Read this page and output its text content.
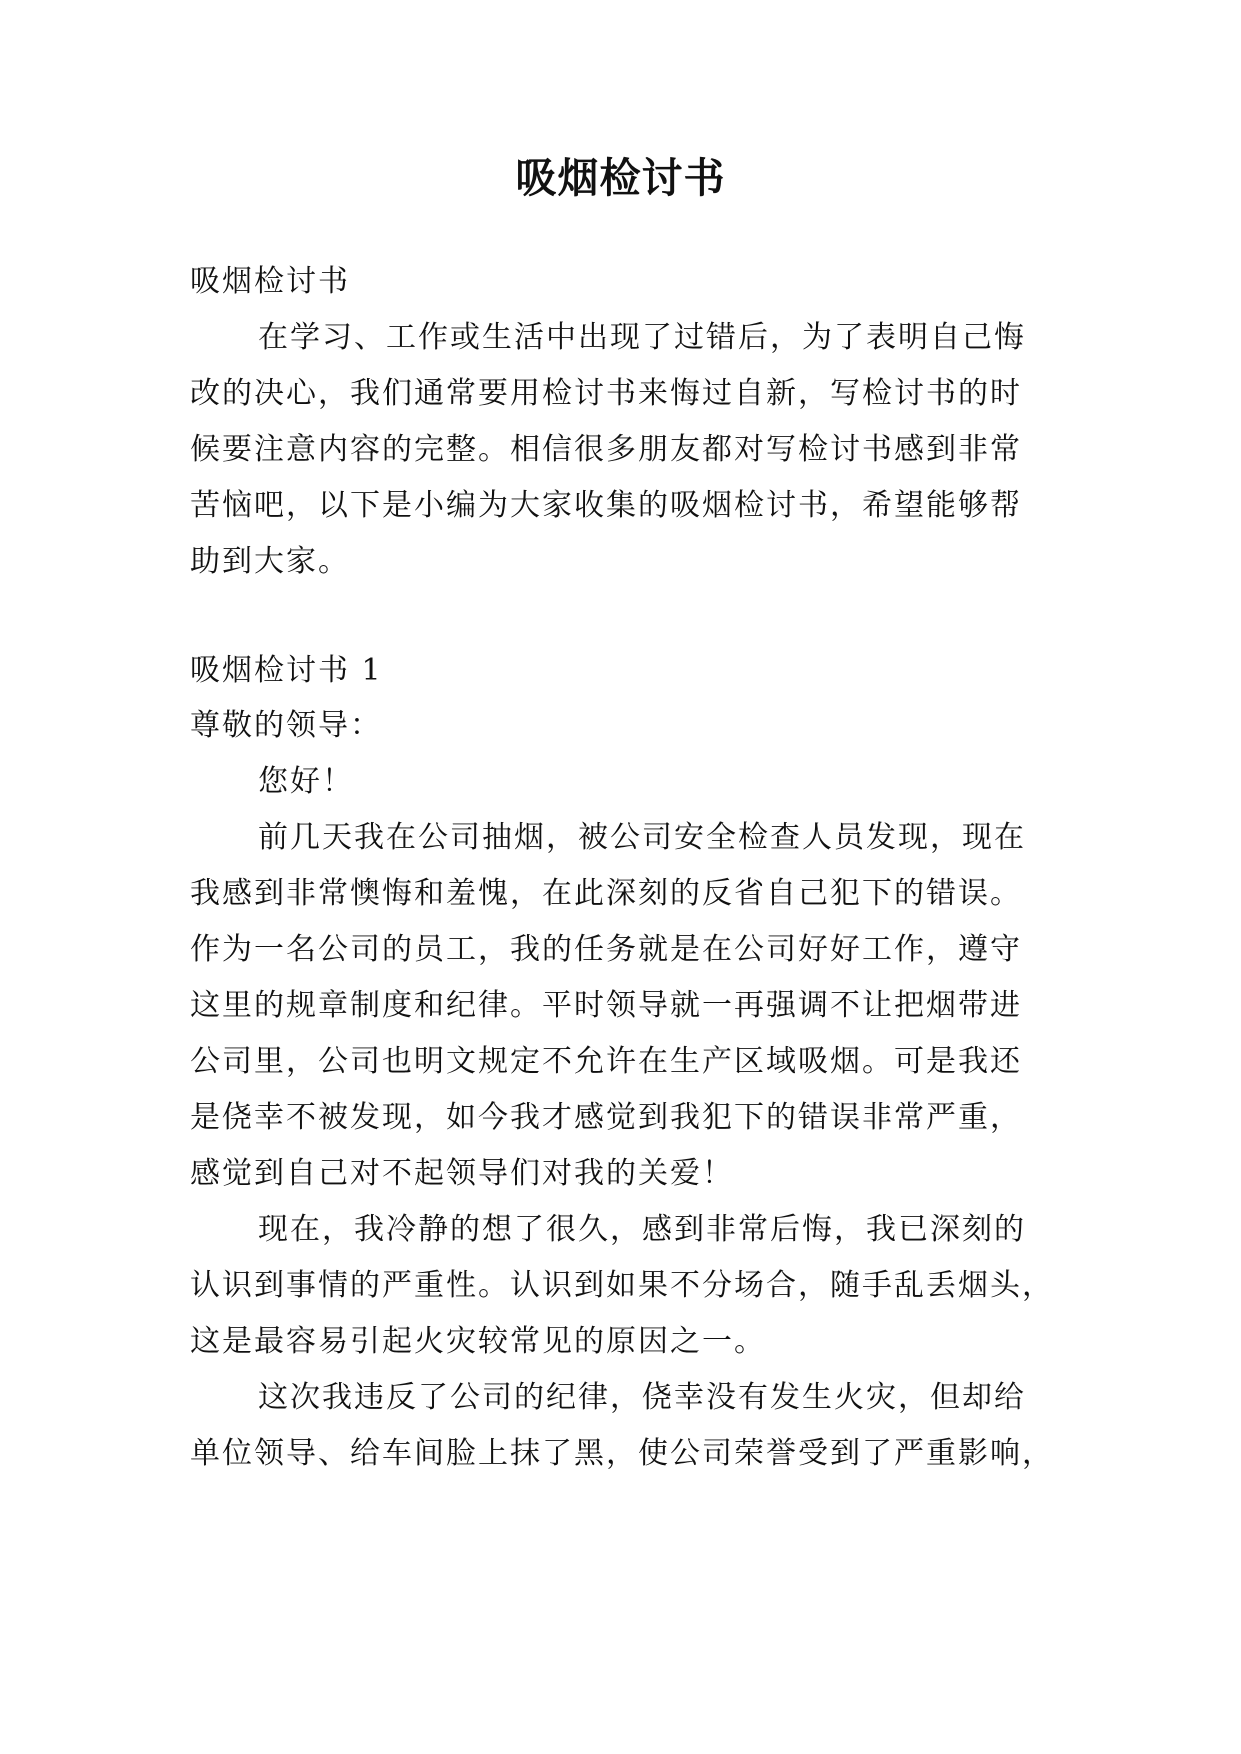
吸烟检讨书
吸烟检讨书
在学习、工作或生活中出现了过错后，为了表明自己悔
改的决心，我们通常要用检讨书来悔过自新，写检讨书的时
候要注意内容的完整。相信很多朋友都对写检讨书感到非常
苦恼吧，以下是小编为大家收集的吸烟检讨书，希望能够帮
助到大家。
吸烟检讨书 1
尊敬的领导：
您好！
前几天我在公司抽烟，被公司安全检查人员发现，现在
我感到非常懊悔和羞愧，在此深刻的反省自己犯下的错误。
作为一名公司的员工，我的任务就是在公司好好工作，遵守
这里的规章制度和纪律。平时领导就一再强调不让把烟带进
公司里，公司也明文规定不允许在生产区域吸烟。可是我还
是侥幸不被发现，如今我才感觉到我犯下的错误非常严重，
感觉到自己对不起领导们对我的关爱！
现在，我冷静的想了很久，感到非常后悔，我已深刻的
认识到事情的严重性。认识到如果不分场合，随手乱丢烟头，
这是最容易引起火灾较常见的原因之一。
这次我违反了公司的纪律，侥幸没有发生火灾，但却给
单位领导、给车间脸上抹了黑，使公司荣誉受到了严重影响，
